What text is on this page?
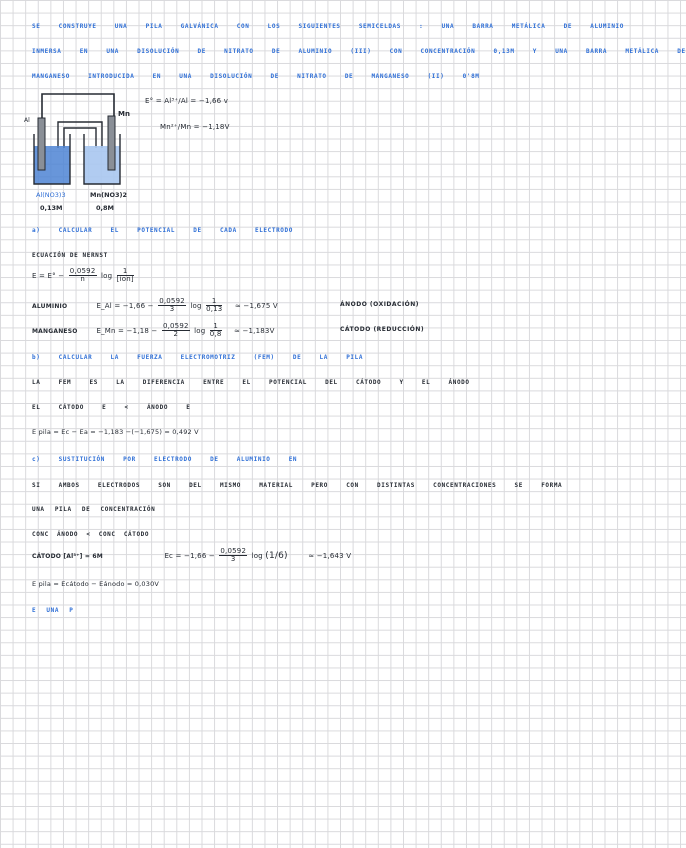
SE CONSTRUYE UNA PILA GALVÁNICA CON LOS SIGUIENTES SEMICELDAS : UNA BARRA METÁLICA DE ALUMINIO
INMERSA EN UNA DISOLUCIÓN DE NITRATO DE ALUMINIO (III) CON CONCENTRACIÓN 0,13M Y UNA BARRA METÁLICA DE
MANGANESO INTRODUCIDA EN UNA DISOLUCIÓN DE NITRATO DE MANGANESO (II) 0'8M
Al
Mn
Al(NO3)3
0,13M
Mn(NO3)2
0,8M
E° = Al³⁺/Al = −1,66 v
Mn²⁺/Mn = −1,18V
a) CALCULAR EL POTENCIAL DE CADA ELECTRODO
ECUACIÓN DE NERNST
$E = E^\circ - \frac{0,0592}{n}$ $\log \frac{1}{\text{[ion]}}$
ALUMINIO	E_Al = $-1,66 - \frac{0,0592}{3}$ $\log \frac{1}{0,13} \approx -1,675$ V	ÁNODO (OXIDACIÓN)
MANGANESO	E_Mn = $-1,18 - \frac{0,0592}{2}$ $\log \frac{1}{0,8} \approx -1,183V$	CÁTODO (REDUCCIÓN)
b) CALCULAR LA FUERZA ELECTROMOTRIZ (FEM) DE LA PILA
LA FEM ES LA DIFERENCIA ENTRE EL POTENCIAL DEL CÁTODO Y EL ÁNODO
EL CÁTODO E < ÁNODO E
E pila = Ec − Ea = −1,183 −(−1,675) = 0,492 V
c) SUSTITUCIÓN POR ELECTRODO DE ALUMINIO EN
SI AMBOS ELECTRODOS SON DEL MISMO MATERIAL PERO CON DISTINTAS CONCENTRACIONES SE FORMA
UNA PILA DE CONCENTRACIÓN
CONC ÁNODO < CONC CÁTODO
CÁTODO [Al³⁺] = 6M	$Ec = -1,66 - \frac{0,0592}{3}$ log (1/6)	≈ −1,643 V
E pila = Ecátodo − Eánodo = 0,030V
E UNA P
